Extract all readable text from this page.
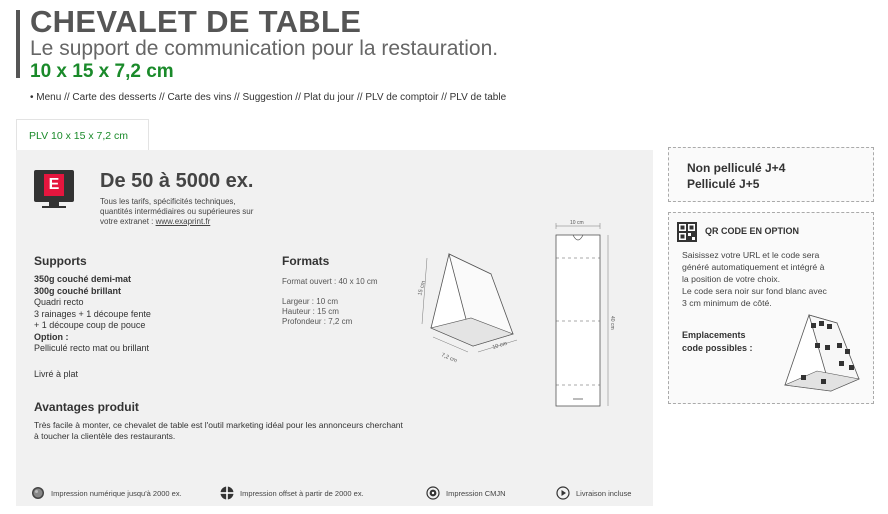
CHEVALET DE TABLE
Le support de communication pour la restauration.
10 x 15 x 7,2 cm
• Menu // Carte des desserts // Carte des vins // Suggestion // Plat du jour // PLV de comptoir // PLV de table
PLV 10 x 15 x 7,2 cm
E De 50 à 5000 ex.
Tous les tarifs, spécificités techniques,
quantités intermédiaires ou supérieures sur
votre extranet : www.exaprint.fr
Supports
350g couché demi-mat
300g couché brillant
Quadri recto
3 rainages + 1 découpe fente
+ 1 découpe coup de pouce
Option :
Pelliculé recto mat ou brillant
Livré à plat
Formats
Format ouvert : 40 x 10 cm
Largeur : 10 cm
Hauteur : 15 cm
Profondeur : 7,2 cm
15 cm
7,2 cm
10 cm
10 cm
40 cm
Avantages produit
Très facile à monter, ce chevalet de table est l'outil marketing idéal pour les annonceurs cherchant
à toucher la clientèle des restaurants.
Impression numérique jusqu'à 2000 ex.	Impression offset à partir de 2000 ex.	Impression CMJN	Livraison incluse
Non pelliculé J+4
Pelliculé J+5
QR CODE EN OPTION
Saisissez votre URL et le code sera
généré automatiquement et intégré à
la position de votre choix.
Le code sera noir sur fond blanc avec
3 cm minimum de côté.
Emplacements
code possibles :
